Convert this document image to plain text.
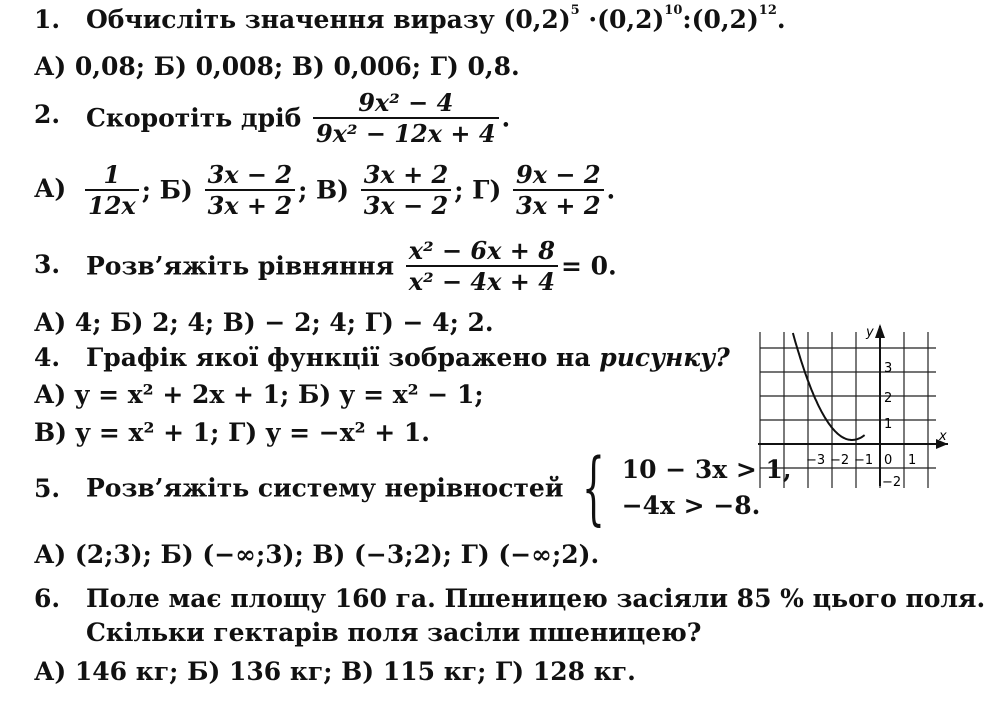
1. Обчисліть значення виразу $(0,2)^5$ $\cdot(0,2)^{10}:(0,2)^{12}$.
А) 0,08; Б) 0,008; В) 0,006; Г) 0,8.
2. Скоротіть дріб $\frac{\text{9x² − 4}}{\text{9x² − 12x + 4}}$ .
$А) \frac{1}{12x}$ ; $Б) \frac{3x - 2}{3x + 2}$ ; $В) \frac{3x + 2}{3x - 2}$ ; $Г) \frac{9x - 2}{3x + 2}$ .
3. Розв’яжіть рівняння $\frac{\text{x² − 6x + 8}}{\text{x² − 4x + 4}} = 0$.
А) 4; Б) 2; 4; В) − 2; 4; Г) − 4; 2.
4. Графік якої функції зображено на рисунку?
А) y = x² + 2x + 1; Б) y = x² − 1;
В) y = x² + 1; Г) y = −x² + 1.
5. Розв’яжіть систему нерівностей { 10 − 3x > 1,
−4x > −8.
А) (2;3); Б) (−∞;3); В) (−3;2); Г) (−∞;2).
6. Поле має площу 160 га. Пшеницею засіяли 85 % цього поля.
Скільки гектарів поля засіли пшеницею?
А) 146 кг; Б) 136 кг; В) 115 кг; Г) 128 кг.
x
y
−3 −2 −1 0 1
3
2
1
−2
